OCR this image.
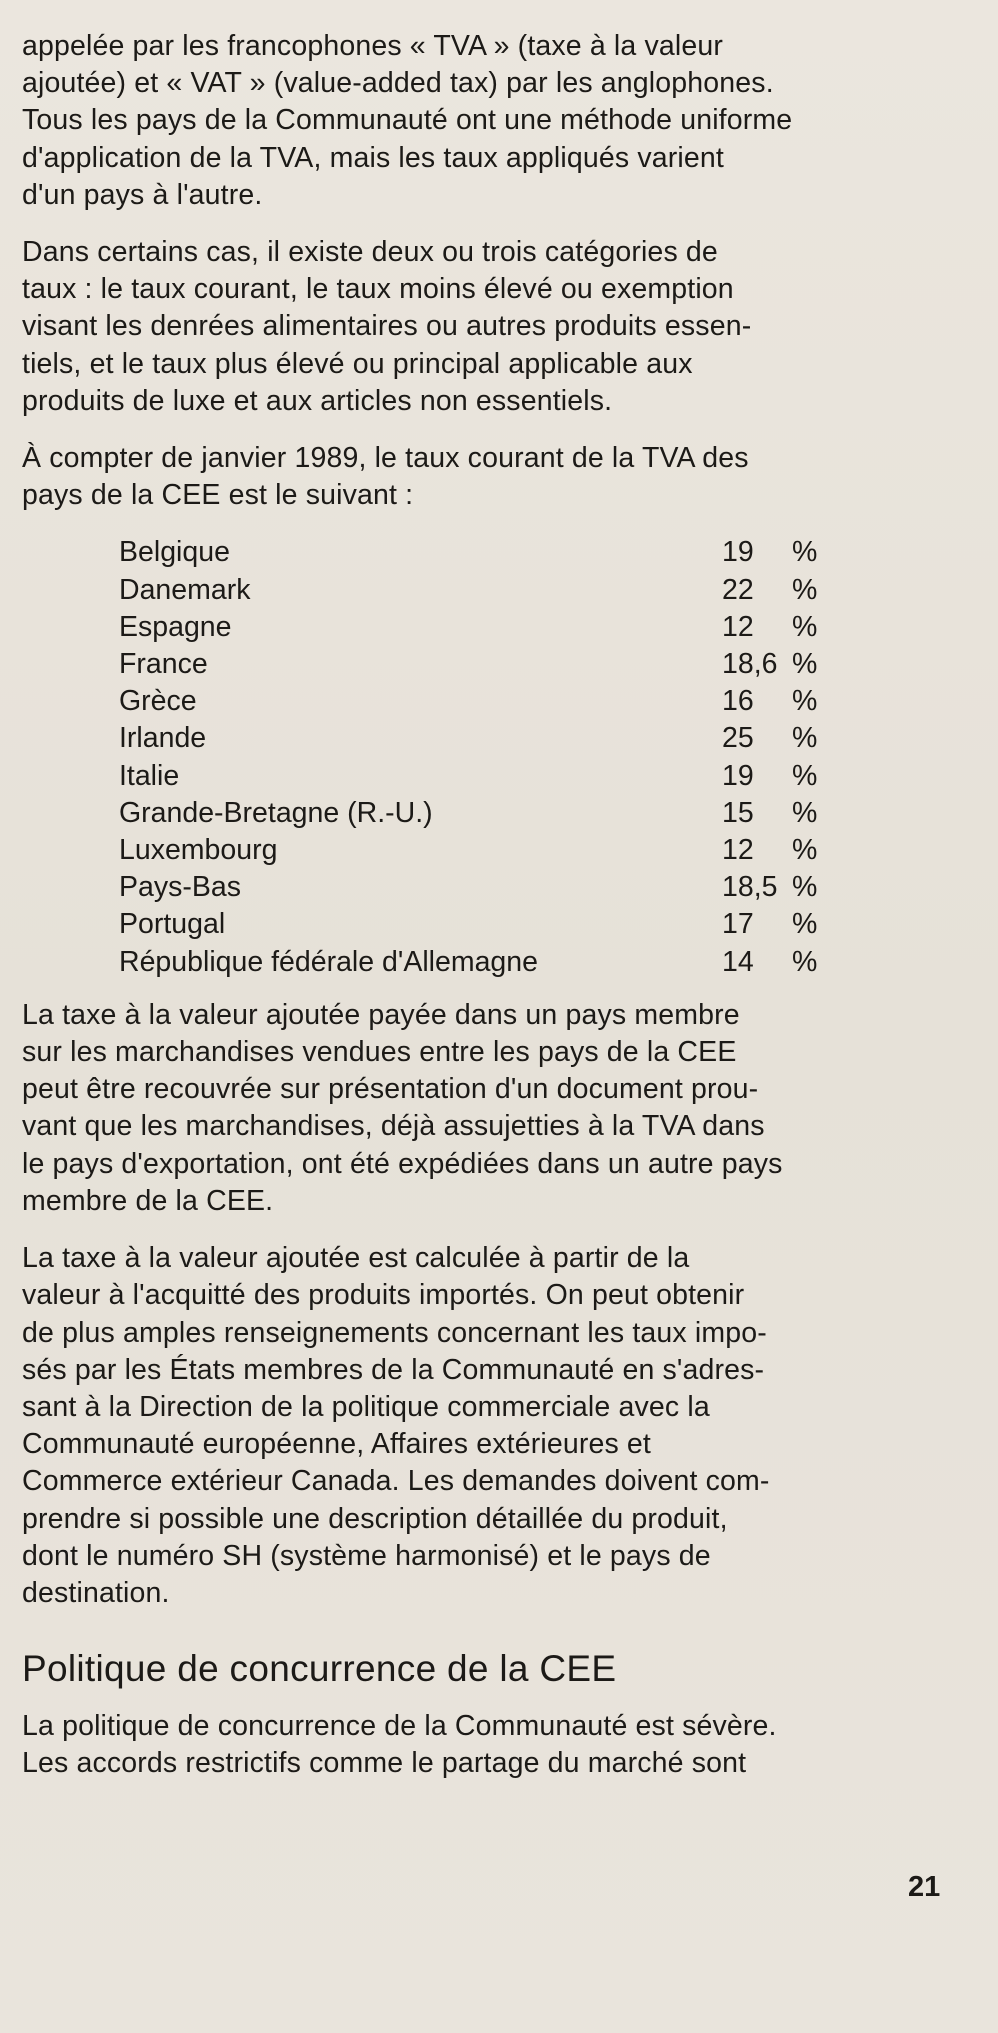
appelée par les francophones « TVA » (taxe à la valeur
ajoutée) et « VAT » (value-added tax) par les anglophones.
Tous les pays de la Communauté ont une méthode uniforme
d'application de la TVA, mais les taux appliqués varient
d'un pays à l'autre.

Dans certains cas, il existe deux ou trois catégories de
taux : le taux courant, le taux moins élevé ou exemption
visant les denrées alimentaires ou autres produits essen-
tiels, et le taux plus élevé ou principal applicable aux
produits de luxe et aux articles non essentiels.

À compter de janvier 1989, le taux courant de la TVA des
pays de la CEE est le suivant :

Belgique	19	%
Danemark	22	%
Espagne	12	%
France	18,6 %
Grèce	16	%
Irlande	25	%
Italie	19	%
Grande-Bretagne (R.-U.)	15	%
Luxembourg	12	%
Pays-Bas	18,5 %
Portugal	17	%
République fédérale d'Allemagne	14	%

La taxe à la valeur ajoutée payée dans un pays membre
sur les marchandises vendues entre les pays de la CEE
peut être recouvrée sur présentation d'un document prou-
vant que les marchandises, déjà assujetties à la TVA dans
le pays d'exportation, ont été expédiées dans un autre pays
membre de la CEE.

La taxe à la valeur ajoutée est calculée à partir de la
valeur à l'acquitté des produits importés. On peut obtenir
de plus amples renseignements concernant les taux impo-
sés par les États membres de la Communauté en s'adres-
sant à la Direction de la politique commerciale avec la
Communauté européenne, Affaires extérieures et
Commerce extérieur Canada. Les demandes doivent com-
prendre si possible une description détaillée du produit,
dont le numéro SH (système harmonisé) et le pays de
destination.

Politique de concurrence de la CEE

La politique de concurrence de la Communauté est sévère.
Les accords restrictifs comme le partage du marché sont

21
